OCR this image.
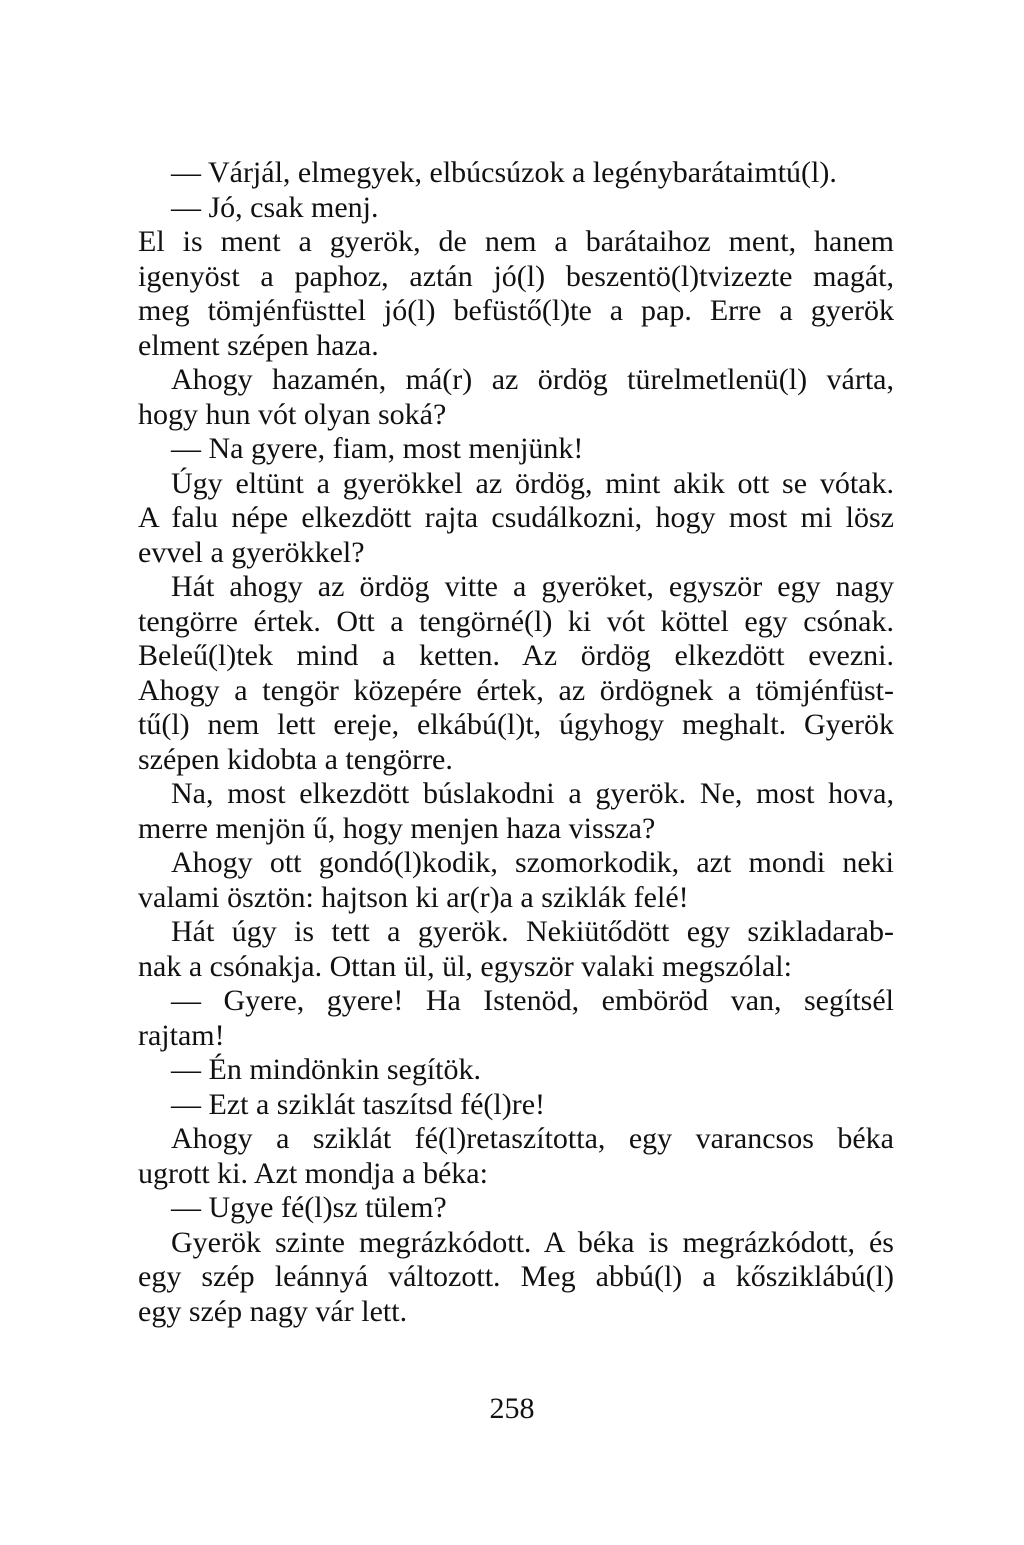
— Várjál, elmegyek, elbúcsúzok a legénybarátaimtú(l).
— Jó, csak menj.
El is ment a gyerök, de nem a barátaihoz ment, hanem
igenyöst a paphoz, aztán jó(l) beszentö(l)tvizezte magát,
meg tömjénfüsttel jó(l) befüstő(l)te a pap. Erre a gyerök
elment szépen haza.
Ahogy hazamén, má(r) az ördög türelmetlenü(l) várta,
hogy hun vót olyan soká?
— Na gyere, fiam, most menjünk!
Úgy eltünt a gyerökkel az ördög, mint akik ott se vótak.
A falu népe elkezdött rajta csudálkozni, hogy most mi lösz
evvel a gyerökkel?
Hát ahogy az ördög vitte a gyeröket, egyször egy nagy
tengörre értek. Ott a tengörné(l) ki vót köttel egy csónak.
Beleű(l)tek mind a ketten. Az ördög elkezdött evezni.
Ahogy a tengör közepére értek, az ördögnek a tömjénfüst-
tű(l) nem lett ereje, elkábú(l)t, úgyhogy meghalt. Gyerök
szépen kidobta a tengörre.
Na, most elkezdött búslakodni a gyerök. Ne, most hova,
merre menjön ű, hogy menjen haza vissza?
Ahogy ott gondó(l)kodik, szomorkodik, azt mondi neki
valami ösztön: hajtson ki ar(r)a a sziklák felé!
Hát úgy is tett a gyerök. Nekiütődött egy szikladarab-
nak a csónakja. Ottan ül, ül, egyször valaki megszólal:
— Gyere, gyere! Ha Istenöd, emböröd van, segítsél
rajtam!
— Én mindönkin segítök.
— Ezt a sziklát taszítsd fé(l)re!
Ahogy a sziklát fé(l)retaszította, egy varancsos béka
ugrott ki. Azt mondja a béka:
— Ugye fé(l)sz tülem?
Gyerök szinte megrázkódott. A béka is megrázkódott, és
egy szép leánnyá változott. Meg abbú(l) a kősziklábú(l)
egy szép nagy vár lett.
258
